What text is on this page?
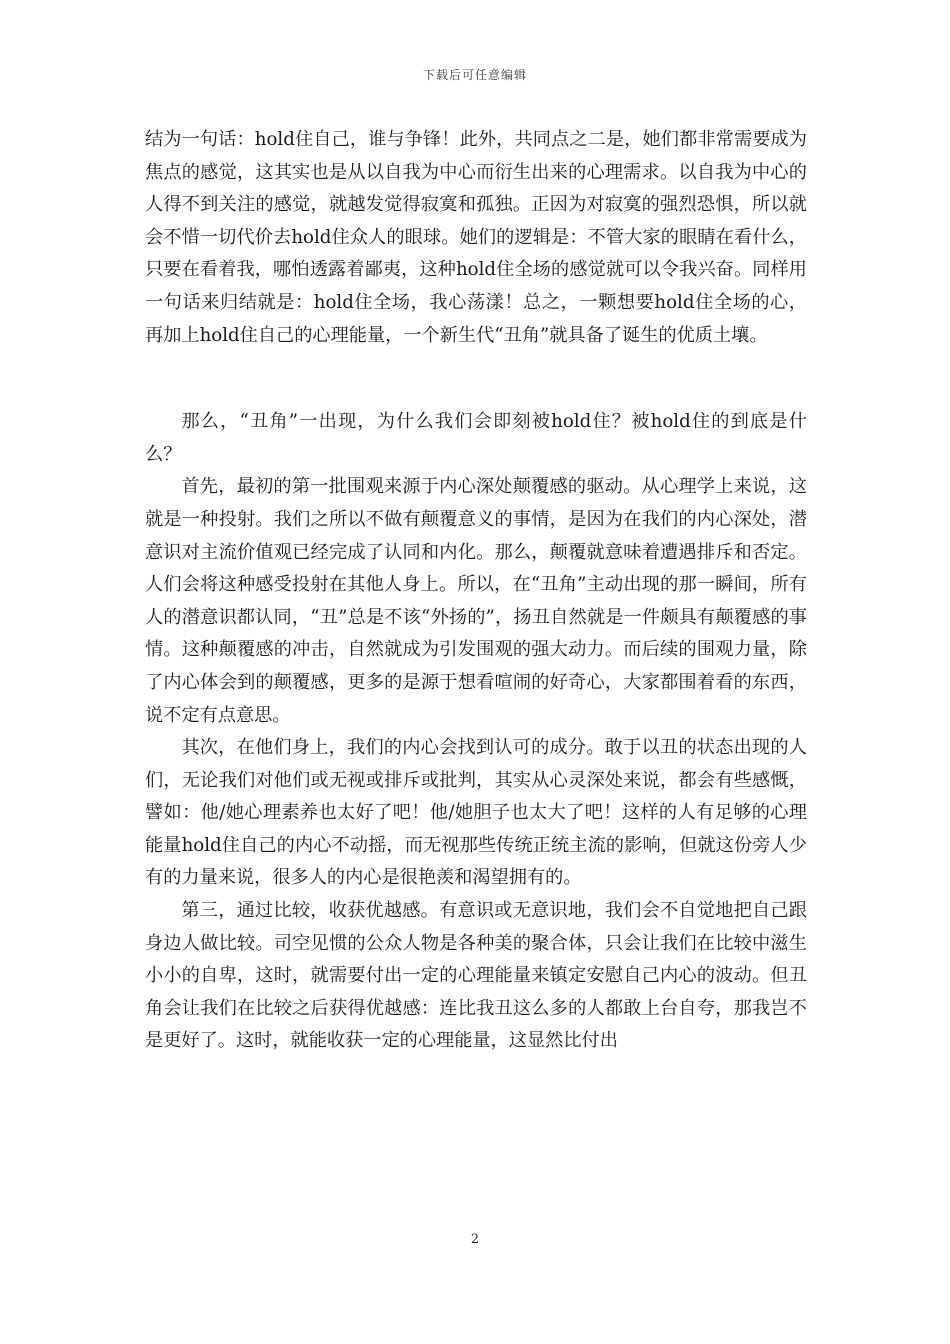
下载后可任意编辑

结为一句话：hold住自己，谁与争锋！此外，共同点之二是，她们都非常需要成为焦点的感觉，这其实也是从以自我为中心而衍生出来的心理需求。以自我为中心的人得不到关注的感觉，就越发觉得寂寞和孤独。正因为对寂寞的强烈恐惧，所以就会不惜一切代价去hold住众人的眼球。她们的逻辑是：不管大家的眼睛在看什么，只要在看着我，哪怕透露着鄙夷，这种hold住全场的感觉就可以令我兴奋。同样用一句话来归结就是：hold住全场，我心荡漾！总之，一颗想要hold住全场的心，再加上hold住自己的心理能量，一个新生代“丑角”就具备了诞生的优质土壤。

那么，“丑角”一出现，为什么我们会即刻被hold住？被hold住的到底是什么？

首先，最初的第一批围观来源于内心深处颠覆感的驱动。从心理学上来说，这就是一种投射。我们之所以不做有颠覆意义的事情，是因为在我们的内心深处，潜意识对主流价值观已经完成了认同和内化。那么，颠覆就意味着遭遇排斥和否定。人们会将这种感受投射在其他人身上。所以，在“丑角”主动出现的那一瞬间，所有人的潜意识都认同，“丑”总是不该“外扬的”，扬丑自然就是一件颇具有颠覆感的事情。这种颠覆感的冲击，自然就成为引发围观的强大动力。而后续的围观力量，除了内心体会到的颠覆感，更多的是源于想看喧闹的好奇心，大家都围着看的东西，说不定有点意思。

其次，在他们身上，我们的内心会找到认可的成分。敢于以丑的状态出现的人们，无论我们对他们或无视或排斥或批判，其实从心灵深处来说，都会有些感慨，譬如：他/她心理素养也太好了吧！他/她胆子也太大了吧！这样的人有足够的心理能量hold住自己的内心不动摇，而无视那些传统正统主流的影响，但就这份旁人少有的力量来说，很多人的内心是很艳羡和渴望拥有的。

第三，通过比较，收获优越感。有意识或无意识地，我们会不自觉地把自己跟身边人做比较。司空见惯的公众人物是各种美的聚合体，只会让我们在比较中滋生小小的自卑，这时，就需要付出一定的心理能量来镇定安慰自己内心的波动。但丑角会让我们在比较之后获得优越感：连比我丑这么多的人都敢上台自夸，那我岂不是更好了。这时，就能收获一定的心理能量，这显然比付出

2
